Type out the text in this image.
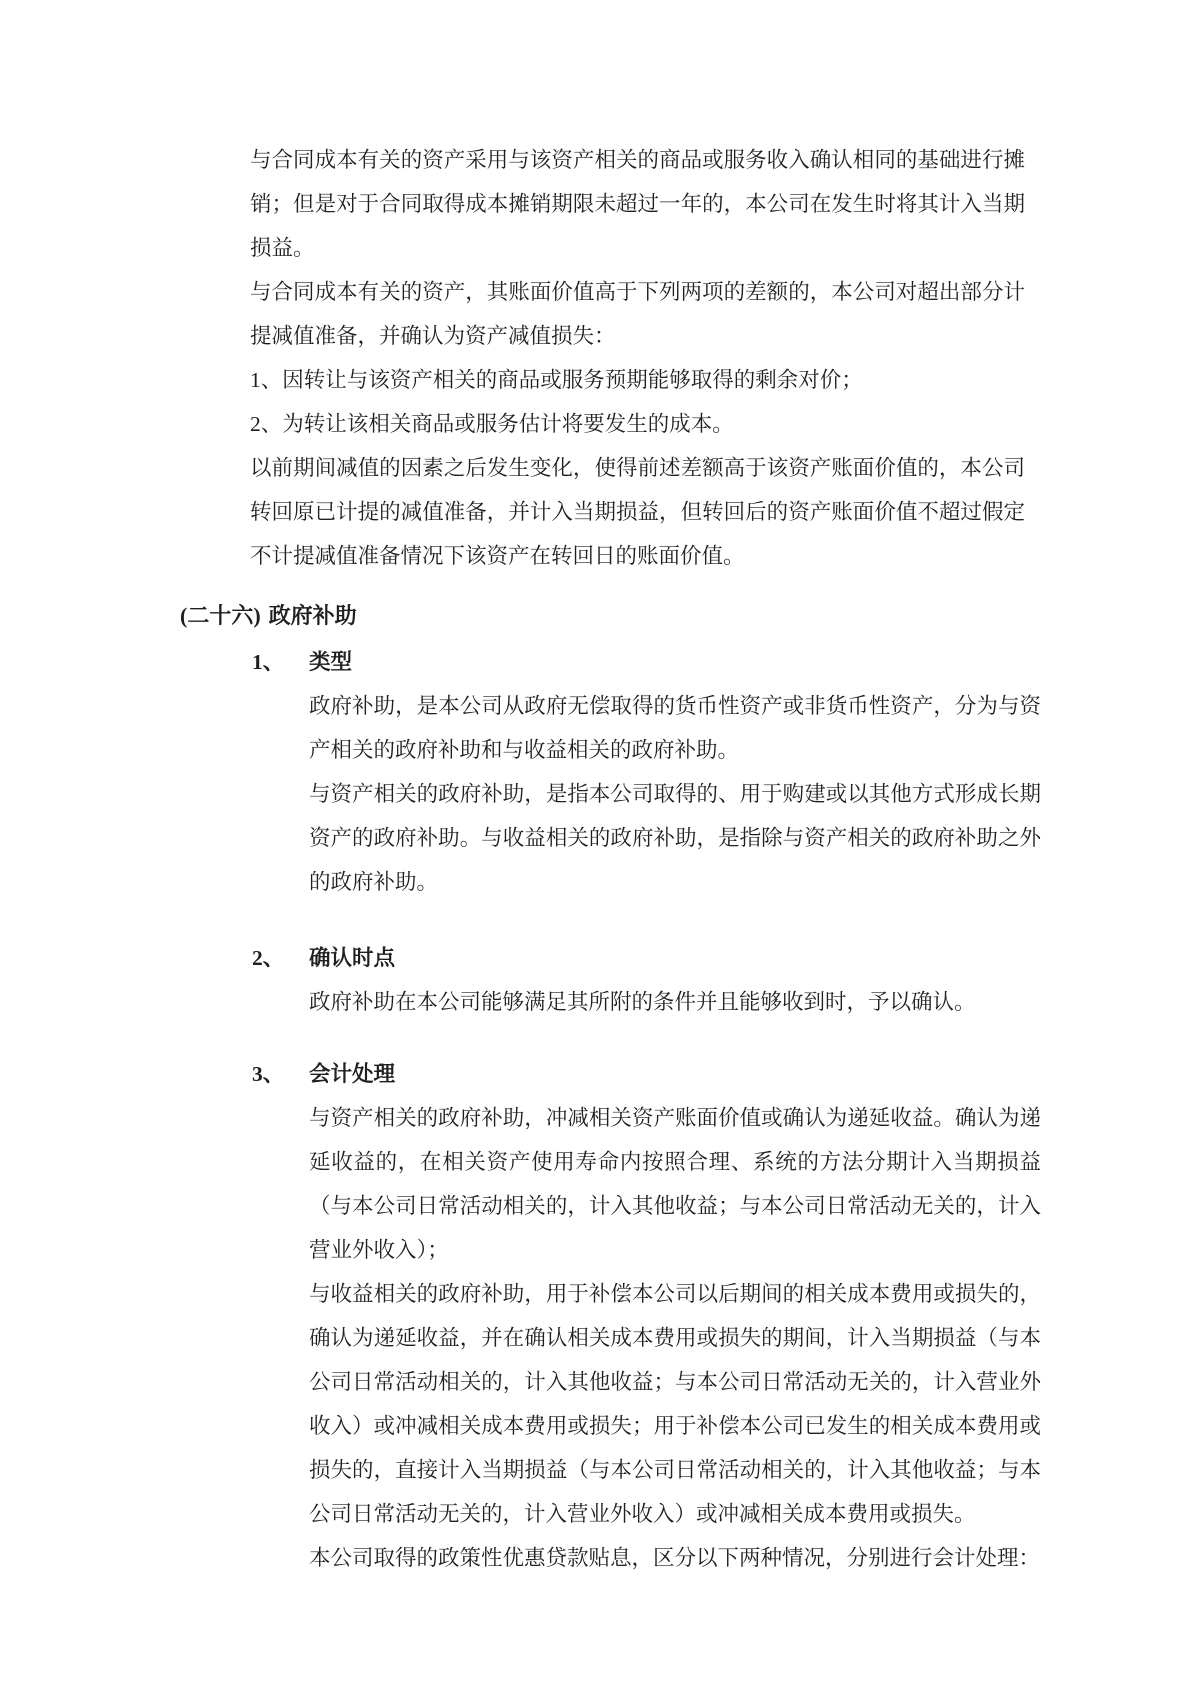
与合同成本有关的资产采用与该资产相关的商品或服务收入确认相同的基础进行摊销；但是对于合同取得成本摊销期限未超过一年的，本公司在发生时将其计入当期损益。

与合同成本有关的资产，其账面价值高于下列两项的差额的，本公司对超出部分计提减值准备，并确认为资产减值损失：

1、因转让与该资产相关的商品或服务预期能够取得的剩余对价；

2、为转让该相关商品或服务估计将要发生的成本。

以前期间减值的因素之后发生变化，使得前述差额高于该资产账面价值的，本公司转回原已计提的减值准备，并计入当期损益，但转回后的资产账面价值不超过假定不计提减值准备情况下该资产在转回日的账面价值。

(二十六) 政府补助
1、	类型

政府补助，是本公司从政府无偿取得的货币性资产或非货币性资产，分为与资产相关的政府补助和与收益相关的政府补助。

与资产相关的政府补助，是指本公司取得的、用于购建或以其他方式形成长期资产的政府补助。与收益相关的政府补助，是指除与资产相关的政府补助之外的政府补助。

2、	确认时点

政府补助在本公司能够满足其所附的条件并且能够收到时，予以确认。

3、	会计处理

与资产相关的政府补助，冲减相关资产账面价值或确认为递延收益。确认为递延收益的，在相关资产使用寿命内按照合理、系统的方法分期计入当期损益（与本公司日常活动相关的，计入其他收益；与本公司日常活动无关的，计入营业外收入）；

与收益相关的政府补助，用于补偿本公司以后期间的相关成本费用或损失的，确认为递延收益，并在确认相关成本费用或损失的期间，计入当期损益（与本公司日常活动相关的，计入其他收益；与本公司日常活动无关的，计入营业外收入）或冲减相关成本费用或损失；用于补偿本公司已发生的相关成本费用或损失的，直接计入当期损益（与本公司日常活动相关的，计入其他收益；与本公司日常活动无关的，计入营业外收入）或冲减相关成本费用或损失。

本公司取得的政策性优惠贷款贴息，区分以下两种情况，分别进行会计处理：
